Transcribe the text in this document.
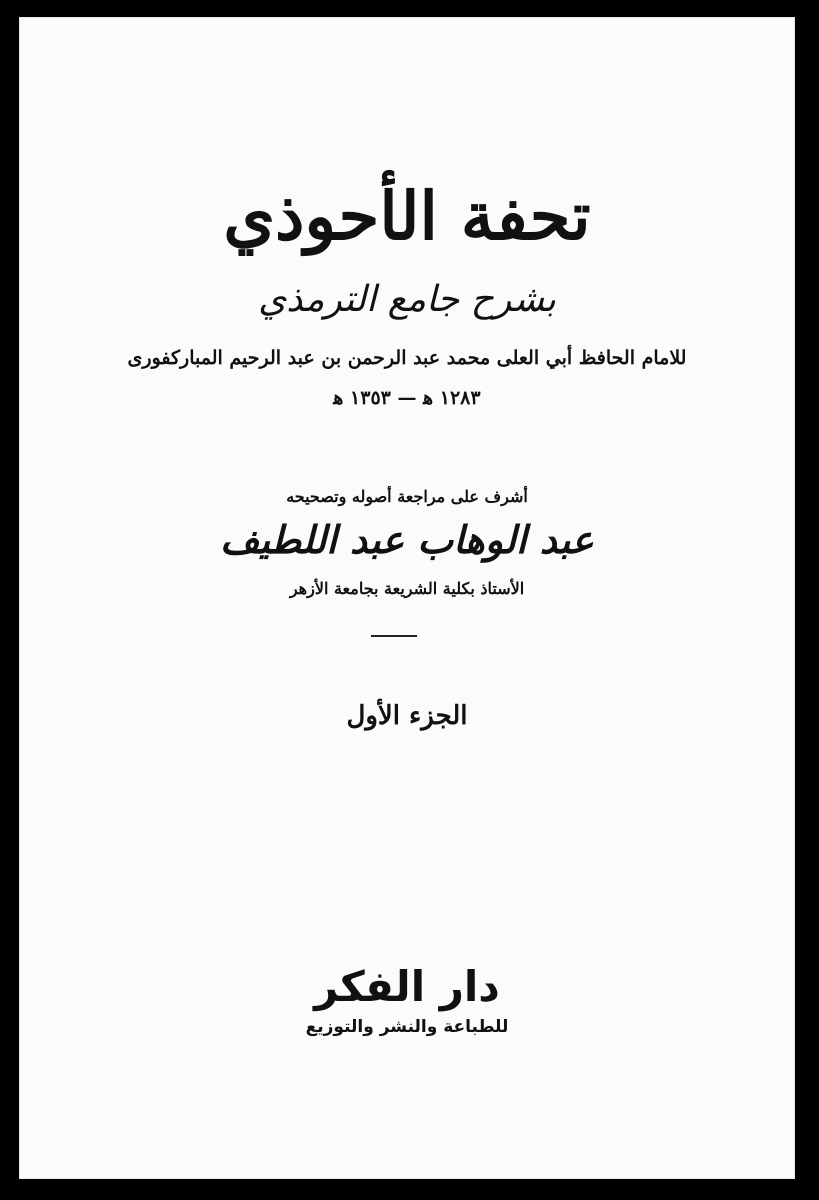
تحفة الأحوذي
بشرح جامع الترمذي
للامام الحافظ أبي العلى محمد عبد الرحمن بن عبد الرحيم المباركفورى
١٢٨٣ ﻫ — ١٣٥٣ ﻫ
أشرف على مراجعة أصوله وتصحيحه
عبد الوهاب عبد اللطيف
الأستاذ بكلية الشريعة بجامعة الأزهر
الجزء الأول
دار الفكر
للطباعة والنشر والتوزيع
